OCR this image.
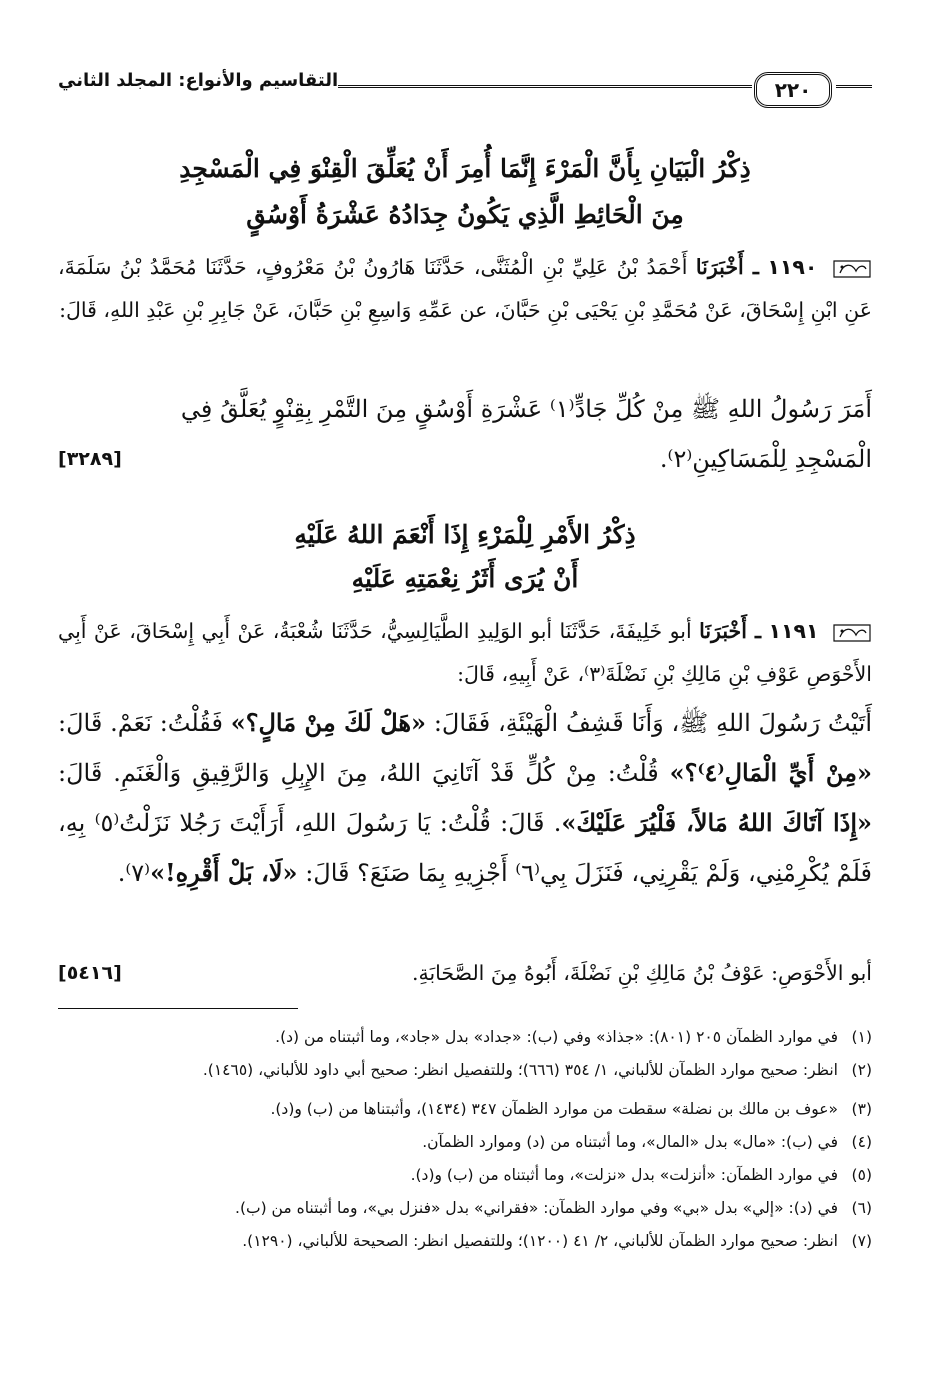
٢٢٠
التقاسيم والأنواع: المجلد الثاني
ذِكْرُ الْبَيَانِ بِأَنَّ الْمَرْءَ إِنَّمَا أُمِرَ أَنْ يُعَلِّقَ الْقِنْوَ فِي الْمَسْجِدِ
مِنَ الْحَائِطِ الَّذِي يَكُونُ جِدَادُهُ عَشْرَةُ أَوْسُقٍ
١١٩٠ ـ أَخْبَرَنَا أَحْمَدُ بْنُ عَلِيِّ بْنِ الْمُثَنَّى، حَدَّثَنَا هَارُونُ بْنُ مَعْرُوفٍ، حَدَّثَنَا مُحَمَّدُ بْنُ سَلَمَةَ، عَنِ ابْنِ إِسْحَاقَ، عَنْ مُحَمَّدِ بْنِ يَحْيَى بْنِ حَبَّانَ، عن عَمِّهِ وَاسِعِ بْنِ حَبَّانَ، عَنْ جَابِرِ بْنِ عَبْدِ اللهِ، قَالَ:
أَمَرَ رَسُولُ اللهِ ﷺ مِنْ كُلِّ جَادٍّ⁽١⁾ عَشْرَةِ أَوْسُقٍ مِنَ التَّمْرِ بِقِنْوٍ يُعَلَّقُ فِي
الْمَسْجِدِ لِلْمَسَاكِينِ⁽٢⁾.
[٣٢٨٩]
ذِكْرُ الأَمْرِ لِلْمَرْءِ إِذَا أَنْعَمَ اللهُ عَلَيْهِ
أَنْ يُرَى أَثَرُ نِعْمَتِهِ عَلَيْهِ
١١٩١ ـ أَخْبَرَنَا أبو خَلِيفَةَ، حَدَّثَنَا أبو الوَلِيدِ الطَّيَالِسِيُّ، حَدَّثَنَا شُعْبَةُ، عَنْ أَبِي إِسْحَاقَ، عَنْ أَبِي الأَحْوَصِ عَوْفِ بْنِ مَالِكِ بْنِ نَضْلَةَ⁽٣⁾، عَنْ أَبِيهِ، قَالَ:
أَتَيْتُ رَسُولَ اللهِ ﷺ، وَأَنَا قَشِفُ الْهَيْئَةِ، فَقَالَ: «هَلْ لَكَ مِنْ مَالٍ؟» فَقُلْتُ: نَعَمْ. قَالَ: «مِنْ أَيِّ الْمَالِ⁽٤⁾؟» قُلْتُ: مِنْ كُلٍّ قَدْ آتَانِيَ اللهُ، مِنَ الإِبِلِ وَالرَّقِيقِ وَالْغَنَمِ. قَالَ: «إِذَا آتَاكَ اللهُ مَالاً، فَلْيُرَ عَلَيْكَ». قَالَ: قُلْتُ: يَا رَسُولَ اللهِ، أَرَأَيْتَ رَجُلا نَزَلْتُ⁽٥⁾ بِهِ، فَلَمْ يُكْرِمْنِي، وَلَمْ يَقْرِنِي، فَنَزَلَ بِي⁽٦⁾ أَجْزِيهِ بِمَا صَنَعَ؟ قَالَ: «لَا، بَلْ أَقْرِهِ!»⁽٧⁾.
أبو الأَحْوَصِ: عَوْفُ بْنُ مَالِكِ بْنِ نَضْلَةَ، أَبُوهُ مِنَ الصَّحَابَةِ.
[٥٤١٦]
(١)
في موارد الظمآن ٢٠٥ (٨٠١): «جذاذ» وفي (ب): «جداد» بدل «جاد»، وما أثبتناه من (د).
(٢)
انظر: صحيح موارد الظمآن للألباني، ١/ ٣٥٤ (٦٦٦)؛ وللتفصيل انظر: صحيح أبي داود للألباني، (١٤٦٥).
(٣)
«عوف بن مالك بن نضلة» سقطت من موارد الظمآن ٣٤٧ (١٤٣٤)، وأثبتناها من (ب) و(د).
(٤)
في (ب): «مال» بدل «المال»، وما أثبتناه من (د) وموارد الظمآن.
(٥)
في موارد الظمآن: «أنزلت» بدل «نزلت»، وما أثبتناه من (ب) و(د).
(٦)
في (د): «إلي» بدل «بي» وفي موارد الظمآن: «فقراني» بدل «فنزل بي»، وما أثبتناه من (ب).
(٧)
انظر: صحيح موارد الظمآن للألباني، ٢/ ٤١ (١٢٠٠)؛ وللتفصيل انظر: الصحيحة للألباني، (١٢٩٠).
